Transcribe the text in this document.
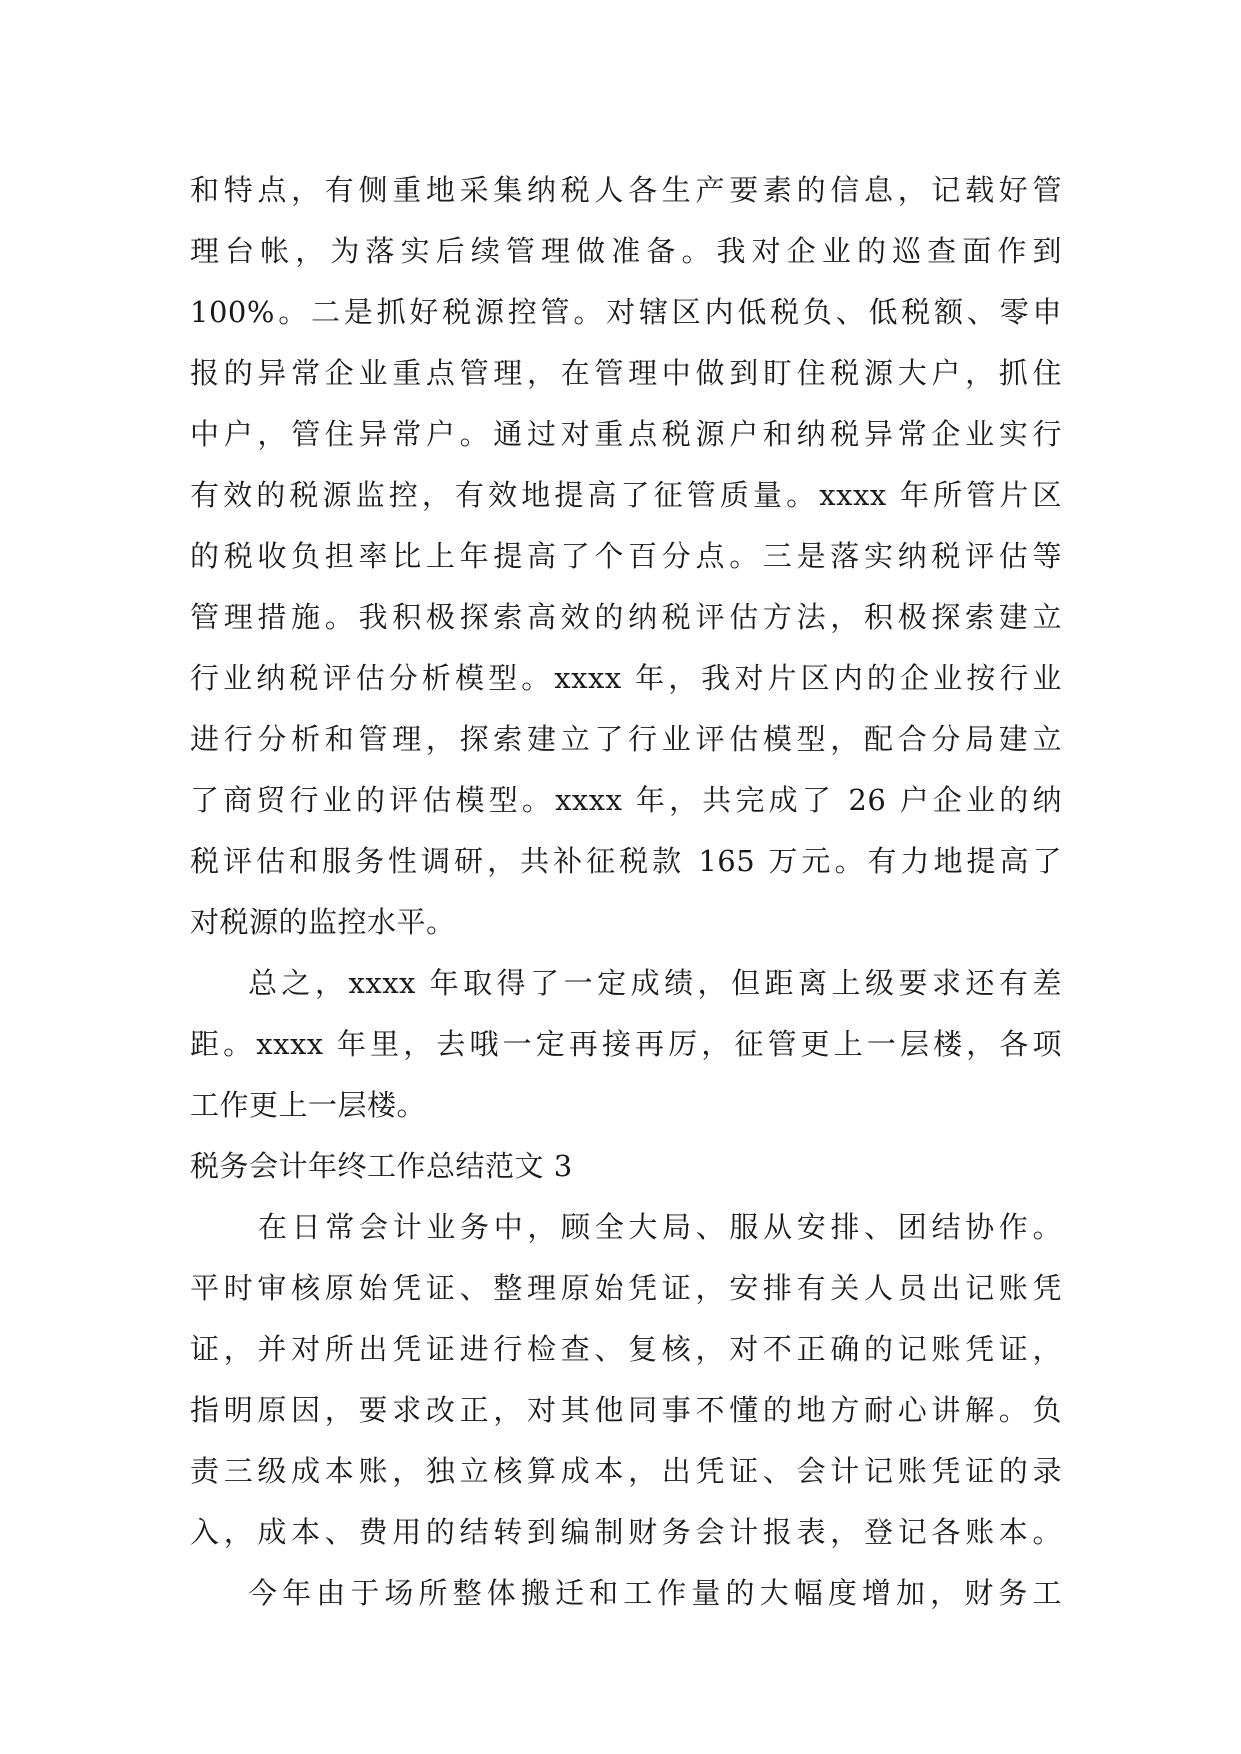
和特点，有侧重地采集纳税人各生产要素的信息，记载好管
理台帐，为落实后续管理做准备。我对企业的巡查面作到
100%。二是抓好税源控管。对辖区内低税负、低税额、零申
报的异常企业重点管理，在管理中做到盯住税源大户，抓住
中户，管住异常户。通过对重点税源户和纳税异常企业实行
有效的税源监控，有效地提高了征管质量。xxxx 年所管片区
的税收负担率比上年提高了个百分点。三是落实纳税评估等
管理措施。我积极探索高效的纳税评估方法，积极探索建立
行业纳税评估分析模型。xxxx 年，我对片区内的企业按行业
进行分析和管理，探索建立了行业评估模型，配合分局建立
了商贸行业的评估模型。xxxx 年，共完成了 26 户企业的纳
税评估和服务性调研，共补征税款 165 万元。有力地提高了
对税源的监控水平。
总之，xxxx 年取得了一定成绩，但距离上级要求还有差
距。xxxx 年里，去哦一定再接再厉，征管更上一层楼，各项
工作更上一层楼。
税务会计年终工作总结范文 3
在日常会计业务中，顾全大局、服从安排、团结协作。
平时审核原始凭证、整理原始凭证，安排有关人员出记账凭
证，并对所出凭证进行检查、复核，对不正确的记账凭证，
指明原因，要求改正，对其他同事不懂的地方耐心讲解。负
责三级成本账，独立核算成本，出凭证、会计记账凭证的录
入，成本、费用的结转到编制财务会计报表，登记各账本。
今年由于场所整体搬迁和工作量的大幅度增加，财务工
